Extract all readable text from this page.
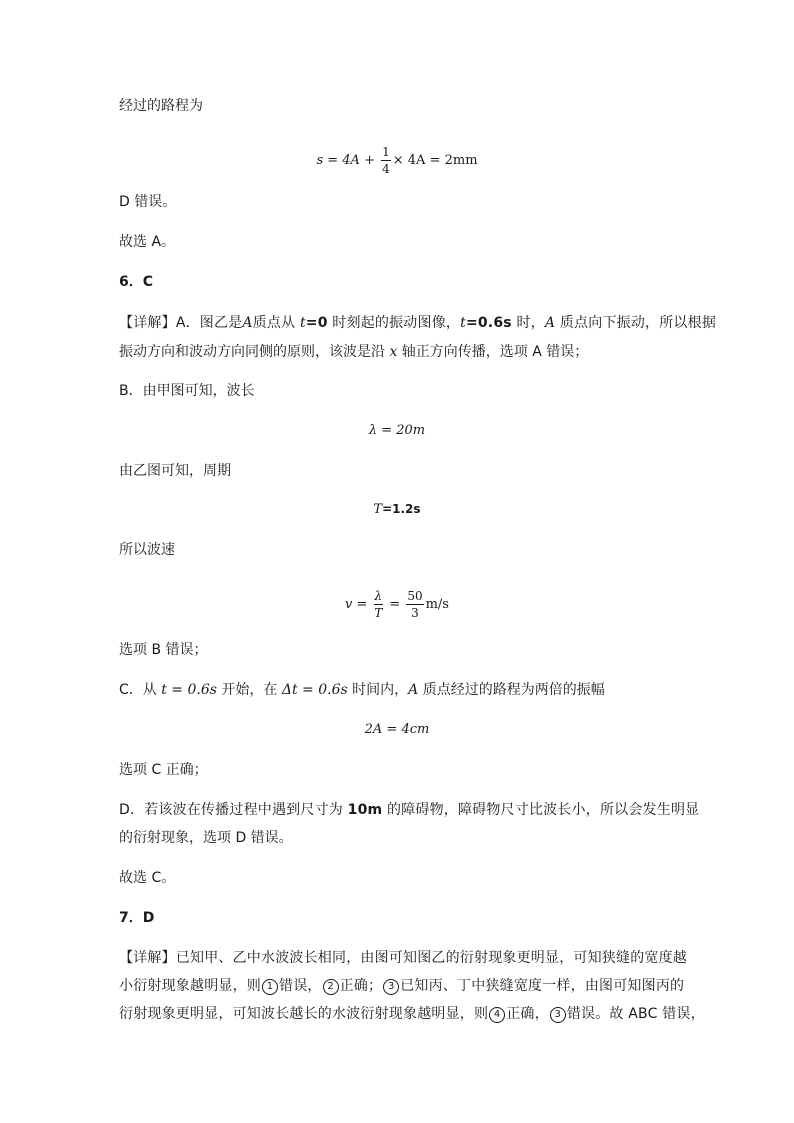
经过的路程为
$s = 4A + \frac{1}{4} \times 4A = 2mm$
D 错误。
故选 A。
6．C
【详解】A．图乙是A质点从 t=0 时刻起的振动图像，t=0.6s 时，A 质点向下振动，所以根据
振动方向和波动方向同侧的原则，该波是沿 x 轴正方向传播，选项 A 错误；
B．由甲图可知，波长
λ = 20m
由乙图可知，周期
T=1.2s
所以波速
$v = \frac{\lambda}{T} = \frac{50}{3} m/s$
选项 B 错误；
C．从 t = 0.6s 开始，在 Δt = 0.6s 时间内，A 质点经过的路程为两倍的振幅
2A = 4cm
选项 C 正确；
D．若该波在传播过程中遇到尺寸为 10m 的障碍物，障碍物尺寸比波长小，所以会发生明显
的衍射现象，选项 D 错误。
故选 C。
7．D
【详解】已知甲、乙中水波波长相同，由图可知图乙的衍射现象更明显，可知狭缝的宽度越
小衍射现象越明显，则 1 错误， 2 正确； 3 已知丙、丁中狭缝宽度一样，由图可知图丙的
衍射现象更明显，可知波长越长的水波衍射现象越明显，则 4 正确， 3 错误。故 ABC 错误，
